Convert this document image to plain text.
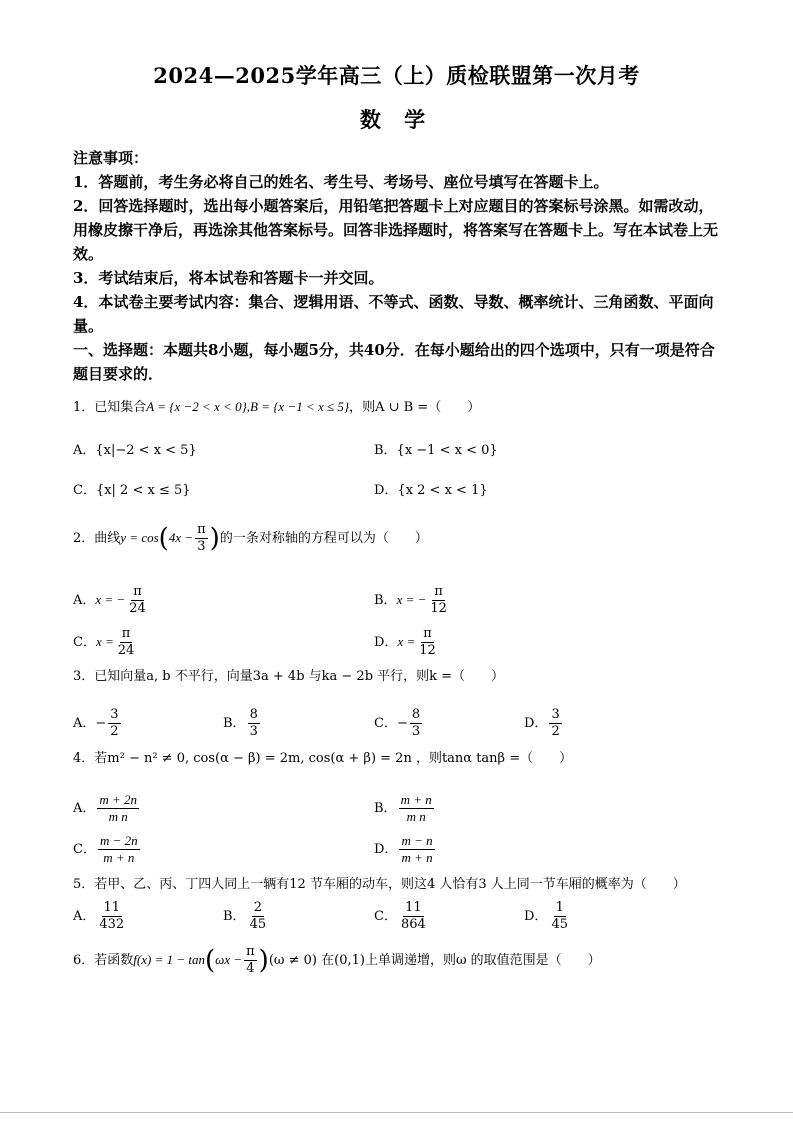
2024—2025学年高三（上）质检联盟第一次月考
数 学

注意事项：

1．答题前，考生务必将自己的姓名、考生号、考场号、座位号填写在答题卡上。

2．回答选择题时，选出每小题答案后，用铅笔把答题卡上对应题目的答案标号涂黑。如需改动，用橡皮擦干净后，再选涂其他答案标号。回答非选择题时，将答案写在答题卡上。写在本试卷上无效。

3．考试结束后，将本试卷和答题卡一并交回。

4．本试卷主要考试内容：集合、逻辑用语、不等式、函数、导数、概率统计、三角函数、平面向量。

一、选择题：本题共8小题，每小题5分，共40分．在每小题给出的四个选项中，只有一项是符合题目要求的．

1．已知集合A = {x −2 < x < 0},B = {x −1 < x ≤ 5}，则A ∪ B =（　　）
A．{x|−2 < x < 5}	B．{x −1 < x < 0}
C．{x| 2 < x ≤ 5}	D．{x 2 < x < 1}
2．曲线$y = \cos(4x - \frac{\pi}{3}$ )的一条对称轴的方程可以为（　　）
A．x = − $\frac{\pi}{24}$	B．x = − $\frac{\pi}{12}$
C．$x = \frac{\pi}{24}$	D．$x = \frac{\pi}{12}$
3．已知向量a, b 不平行，向量3a + 4b 与ka − 2b 平行，则k =（　　）
A．− $\frac{3}{2}$	B． $\frac{8}{3}$	C．− $\frac{8}{3}$	D． $\frac{3}{2}$
4．若m² − n² ≠ 0, cos(α − β) = 2m, cos(α + β) = 2n ，则tanα tanβ =（　　）
A． $\frac{m + 2n}{\text{m n}}$	B． $\frac{m + n}{\text{m n}}$
C． $\frac{m - 2n}{m + n}$	D． $\frac{m - n}{m + n}$
5．若甲、乙、丙、丁四人同上一辆有12 节车厢的动车，则这4 人恰有3 人上同一节车厢的概率为（　　）
A． $\frac{11}{432}$	B． $\frac{2}{45}$	C． $\frac{11}{864}$	D． $\frac{1}{45}$
6．若函数$f(x) = 1 - \tan(\omega x - \frac{\pi}{4} )(\omega \ne 0)$ 在(0,1)上单调递增，则ω 的取值范围是（　　）
